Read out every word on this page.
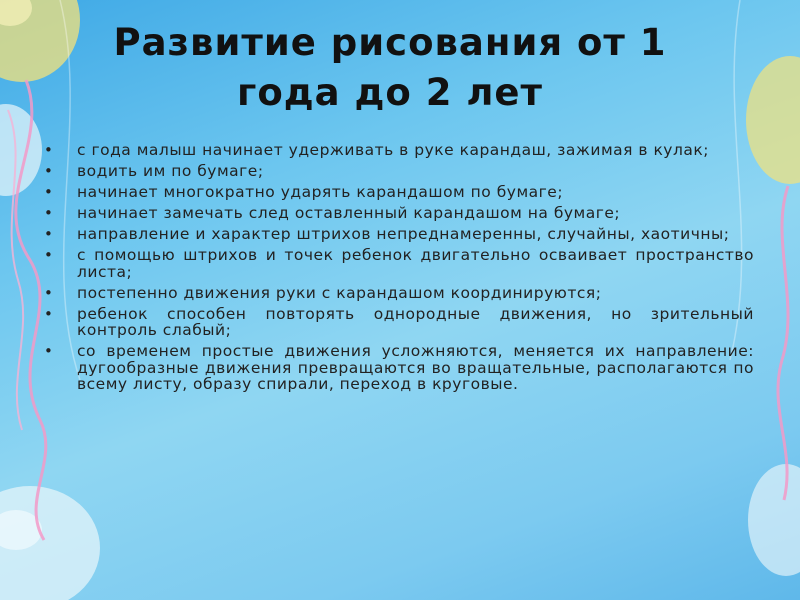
Развитие рисования от 1
года до 2 лет
• с года малыш начинает удерживать в руке карандаш, зажимая в кулак;
• водить им по бумаге;
• начинает многократно ударять карандашом по бумаге;
• начинает замечать след оставленный карандашом на бумаге;
• направление и характер штрихов непреднамеренны, случайны, хаотичны;
• с помощью штрихов и точек ребенок двигательно осваивает пространство листа;
• постепенно движения руки с карандашом координируются;
• ребенок способен повторять однородные движения, но зрительный контроль слабый;
• со временем простые движения усложняются, меняется их направление: дугообразные движения превращаются во вращательные, располагаются по всему листу, образу спирали, переход в круговые.
